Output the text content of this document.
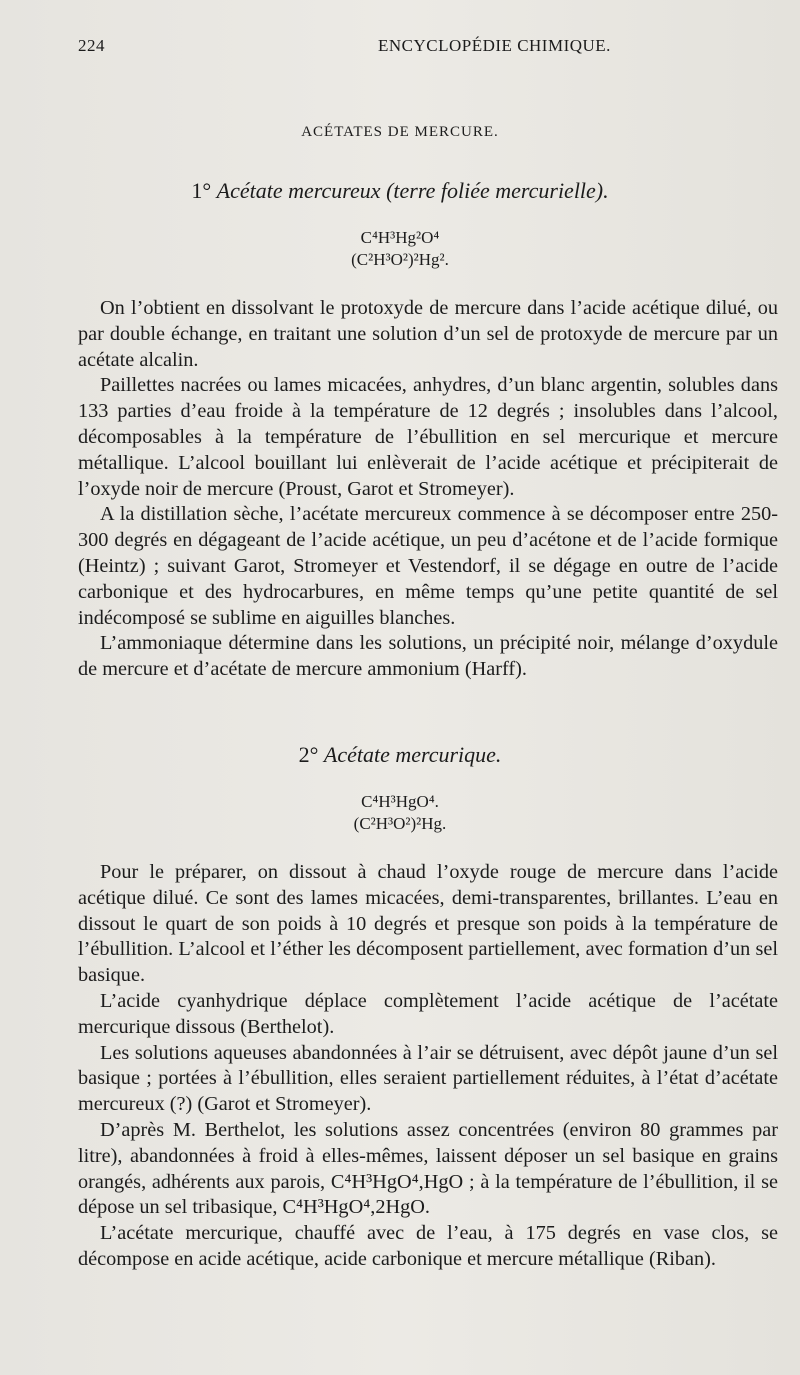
224	ENCYCLOPÉDIE CHIMIQUE.
ACÉTATES DE MERCURE.
1° Acétate mercureux (terre foliée mercurielle).
C⁴H³Hg²O⁴
(C²H³O²)²Hg².

On l’obtient en dissolvant le protoxyde de mercure dans l’acide acétique dilué, ou par double échange, en traitant une solution d’un sel de protoxyde de mercure par un acétate alcalin.

Paillettes nacrées ou lames micacées, anhydres, d’un blanc argentin, solubles dans 133 parties d’eau froide à la température de 12 degrés ; insolubles dans l’alcool, décomposables à la température de l’ébullition en sel mercurique et mercure métallique. L’alcool bouillant lui enlèverait de l’acide acétique et précipiterait de l’oxyde noir de mercure (Proust, Garot et Stromeyer).

A la distillation sèche, l’acétate mercureux commence à se décomposer entre 250-300 degrés en dégageant de l’acide acétique, un peu d’acétone et de l’acide formique (Heintz) ; suivant Garot, Stromeyer et Vestendorf, il se dégage en outre de l’acide carbonique et des hydrocarbures, en même temps qu’une petite quantité de sel indécomposé se sublime en aiguilles blanches.

L’ammoniaque détermine dans les solutions, un précipité noir, mélange d’oxydule de mercure et d’acétate de mercure ammonium (Harff).

2° Acétate mercurique.
C⁴H³HgO⁴.
(C²H³O²)²Hg.

Pour le préparer, on dissout à chaud l’oxyde rouge de mercure dans l’acide acétique dilué. Ce sont des lames micacées, demi-transparentes, brillantes. L’eau en dissout le quart de son poids à 10 degrés et presque son poids à la température de l’ébullition. L’alcool et l’éther les décomposent partiellement, avec formation d’un sel basique.

L’acide cyanhydrique déplace complètement l’acide acétique de l’acétate mercurique dissous (Berthelot).

Les solutions aqueuses abandonnées à l’air se détruisent, avec dépôt jaune d’un sel basique ; portées à l’ébullition, elles seraient partiellement réduites, à l’état d’acétate mercureux (?) (Garot et Stromeyer).

D’après M. Berthelot, les solutions assez concentrées (environ 80 grammes par litre), abandonnées à froid à elles-mêmes, laissent déposer un sel basique en grains orangés, adhérents aux parois, C⁴H³HgO⁴,HgO ; à la température de l’ébullition, il se dépose un sel tribasique, C⁴H³HgO⁴,2HgO.

L’acétate mercurique, chauffé avec de l’eau, à 175 degrés en vase clos, se décompose en acide acétique, acide carbonique et mercure métallique (Riban).
